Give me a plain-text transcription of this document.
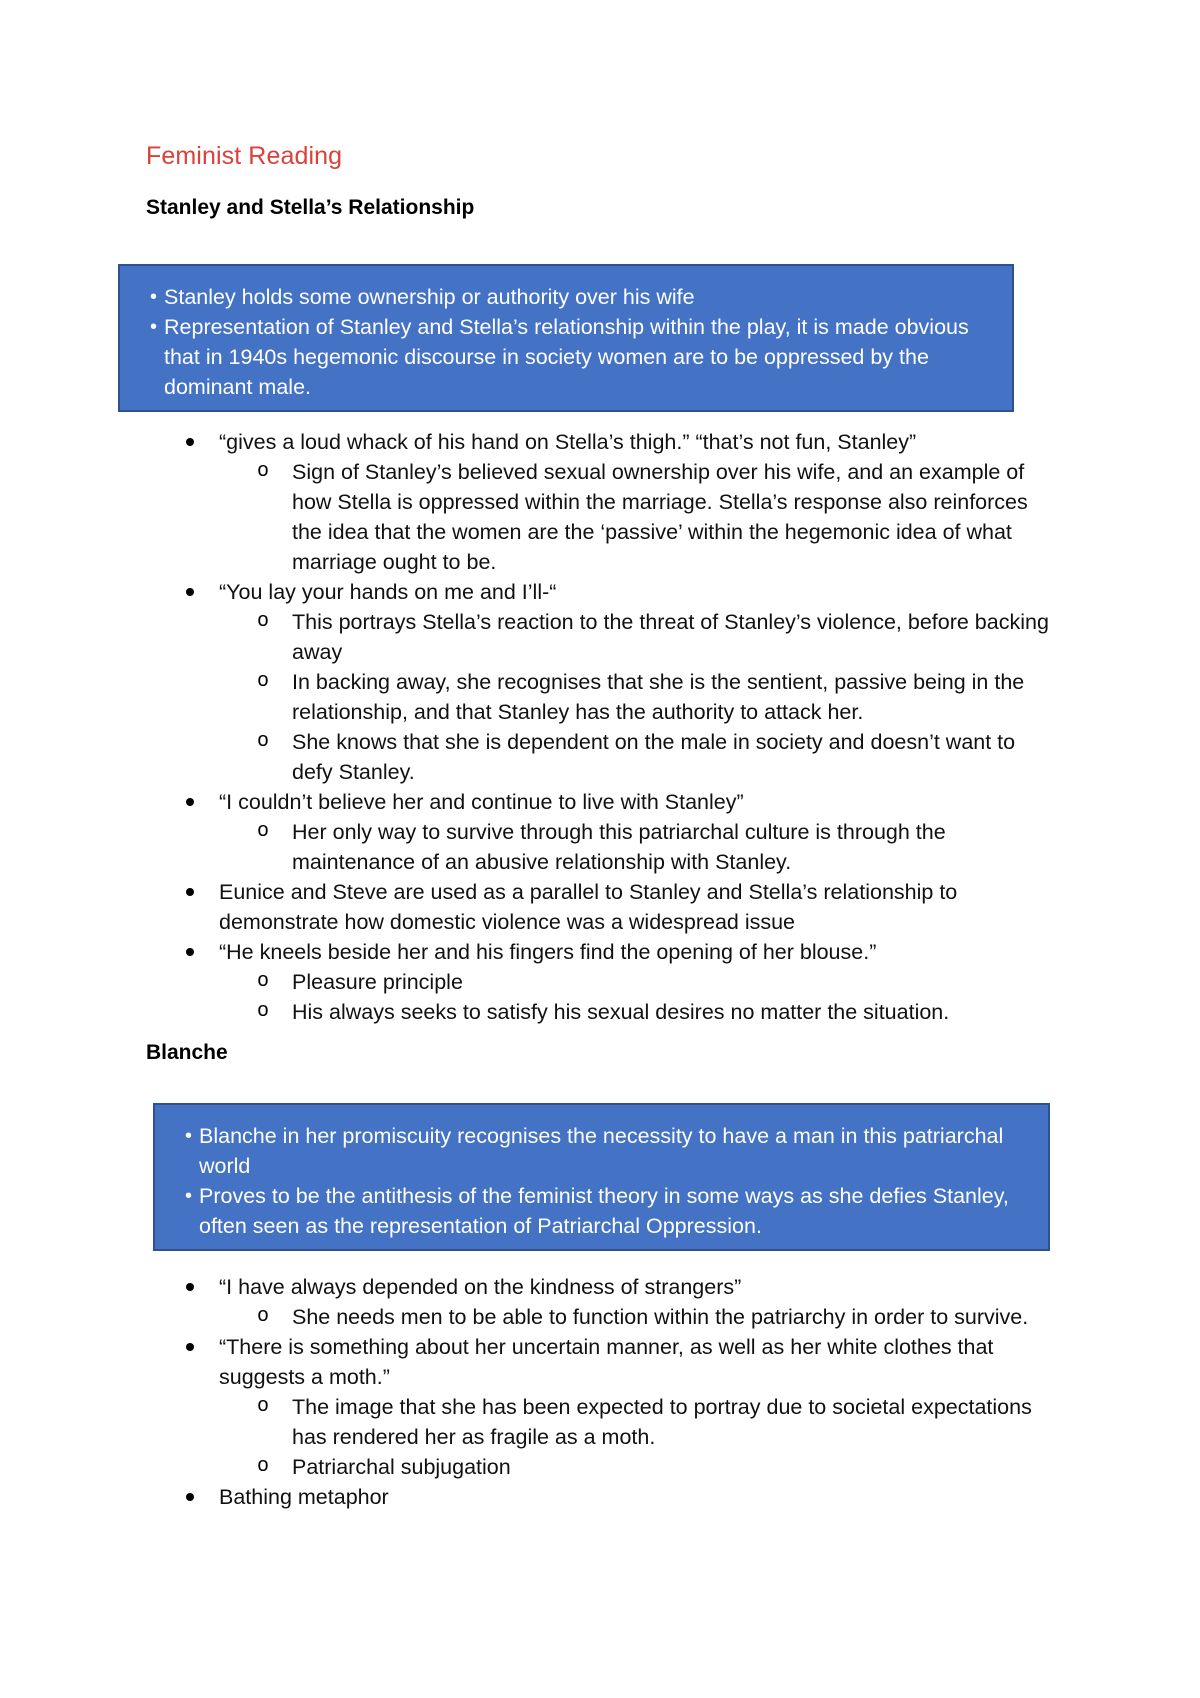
Feminist Reading
Stanley and Stella’s Relationship
• Stanley holds some ownership or authority over his wife
• Representation of Stanley and Stella’s relationship within the play, it is made obvious that in 1940s hegemonic discourse in society women are to be oppressed by the dominant male.
“gives a loud whack of his hand on Stella’s thigh.” “that’s not fun, Stanley”
o Sign of Stanley’s believed sexual ownership over his wife, and an example of how Stella is oppressed within the marriage. Stella’s response also reinforces the idea that the women are the ‘passive’ within the hegemonic idea of what marriage ought to be.
“You lay your hands on me and I’ll-“
o This portrays Stella’s reaction to the threat of Stanley’s violence, before backing away
o In backing away, she recognises that she is the sentient, passive being in the relationship, and that Stanley has the authority to attack her.
o She knows that she is dependent on the male in society and doesn’t want to defy Stanley.
“I couldn’t believe her and continue to live with Stanley”
o Her only way to survive through this patriarchal culture is through the maintenance of an abusive relationship with Stanley.
Eunice and Steve are used as a parallel to Stanley and Stella’s relationship to demonstrate how domestic violence was a widespread issue
“He kneels beside her and his fingers find the opening of her blouse.”
o Pleasure principle
o His always seeks to satisfy his sexual desires no matter the situation.
Blanche
• Blanche in her promiscuity recognises the necessity to have a man in this patriarchal world
• Proves to be the antithesis of the feminist theory in some ways as she defies Stanley, often seen as the representation of Patriarchal Oppression.
“I have always depended on the kindness of strangers”
o She needs men to be able to function within the patriarchy in order to survive.
“There is something about her uncertain manner, as well as her white clothes that suggests a moth.”
o The image that she has been expected to portray due to societal expectations has rendered her as fragile as a moth.
o Patriarchal subjugation
Bathing metaphor
